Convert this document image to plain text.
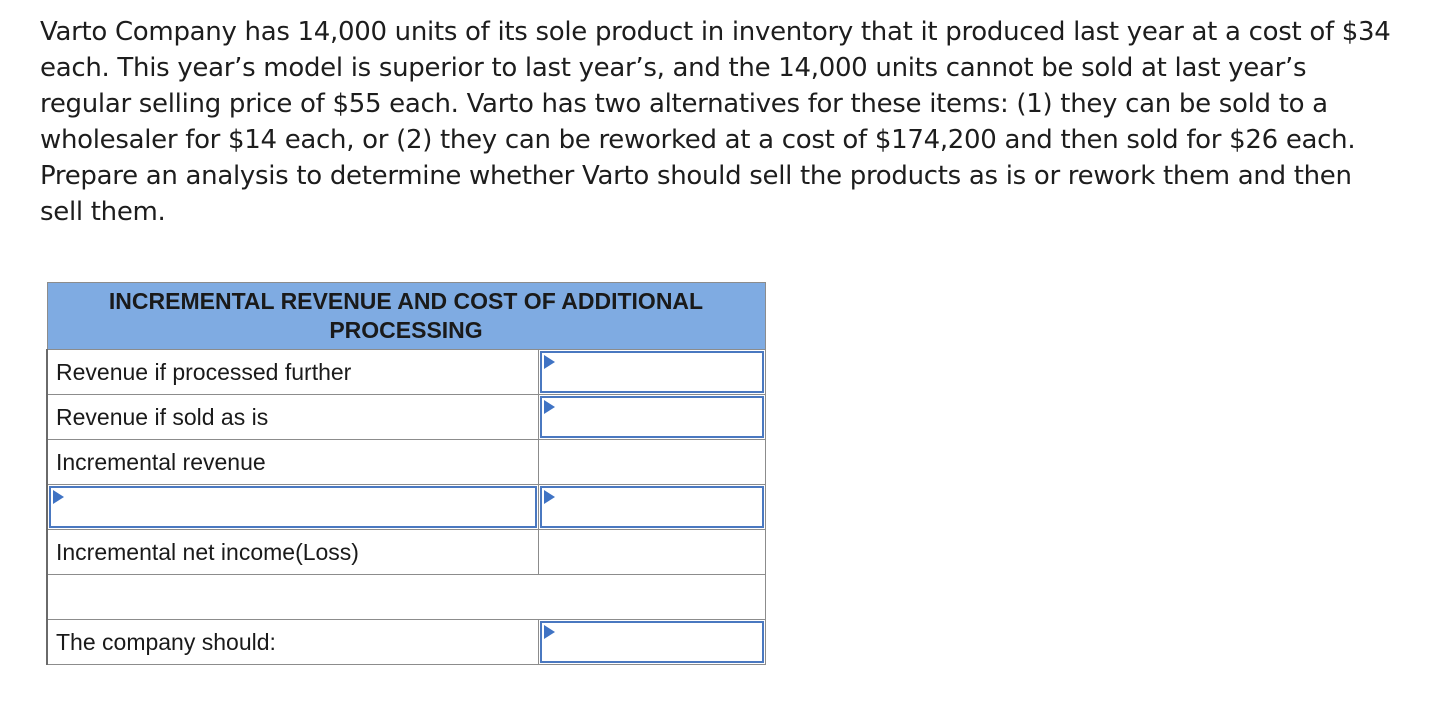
Varto Company has 14,000 units of its sole product in inventory that it produced last year at a cost of $34 each. This year’s model is superior to last year’s, and the 14,000 units cannot be sold at last year’s regular selling price of $55 each. Varto has two alternatives for these items: (1) they can be sold to a wholesaler for $14 each, or (2) they can be reworked at a cost of $174,200 and then sold for $26 each. Prepare an analysis to determine whether Varto should sell the products as is or rework them and then sell them.

INCREMENTAL REVENUE AND COST OF ADDITIONAL PROCESSING	
Revenue if processed further	

Revenue if sold as is	

Incremental revenue	

Incremental net income(Loss)	

The company should:	
